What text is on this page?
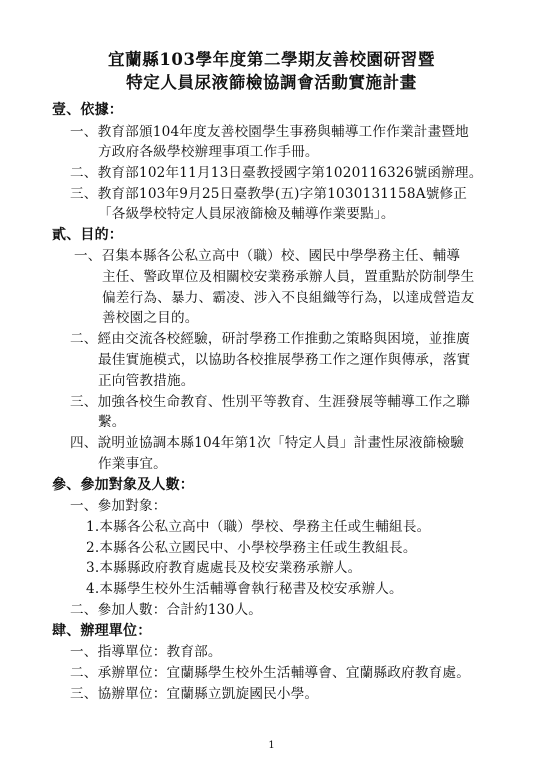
宜蘭縣103學年度第二學期友善校園研習暨
特定人員尿液篩檢協調會活動實施計畫
壹、依據：
一、教育部頒104年度友善校園學生事務與輔導工作作業計畫暨地
方政府各級學校辦理事項工作手冊。
二、教育部102年11月13日臺教授國字第1020116326號函辦理。
三、教育部103年9月25日臺教學(五)字第1030131158A號修正
「各級學校特定人員尿液篩檢及輔導作業要點」。
貳、目的：
一、召集本縣各公私立高中（職）校、國民中學學務主任、輔導
主任、警政單位及相關校安業務承辦人員，置重點於防制學生
偏差行為、暴力、霸凌、涉入不良組織等行為，以達成營造友
善校園之目的。
二、經由交流各校經驗，研討學務工作推動之策略與困境，並推廣
最佳實施模式，以協助各校推展學務工作之運作與傳承，落實
正向管教措施。
三、加強各校生命教育、性別平等教育、生涯發展等輔導工作之聯
繫。
四、說明並協調本縣104年第1次「特定人員」計畫性尿液篩檢驗
作業事宜。
參、參加對象及人數：
一、參加對象：
1.本縣各公私立高中（職）學校、學務主任或生輔組長。
2.本縣各公私立國民中、小學校學務主任或生教組長。
3.本縣縣政府教育處處長及校安業務承辦人。
4.本縣學生校外生活輔導會執行秘書及校安承辦人。
二、參加人數：合計約130人。
肆、辦理單位：
一、指導單位：教育部。
二、承辦單位：宜蘭縣學生校外生活輔導會、宜蘭縣政府教育處。
三、協辦單位：宜蘭縣立凱旋國民小學。
1
